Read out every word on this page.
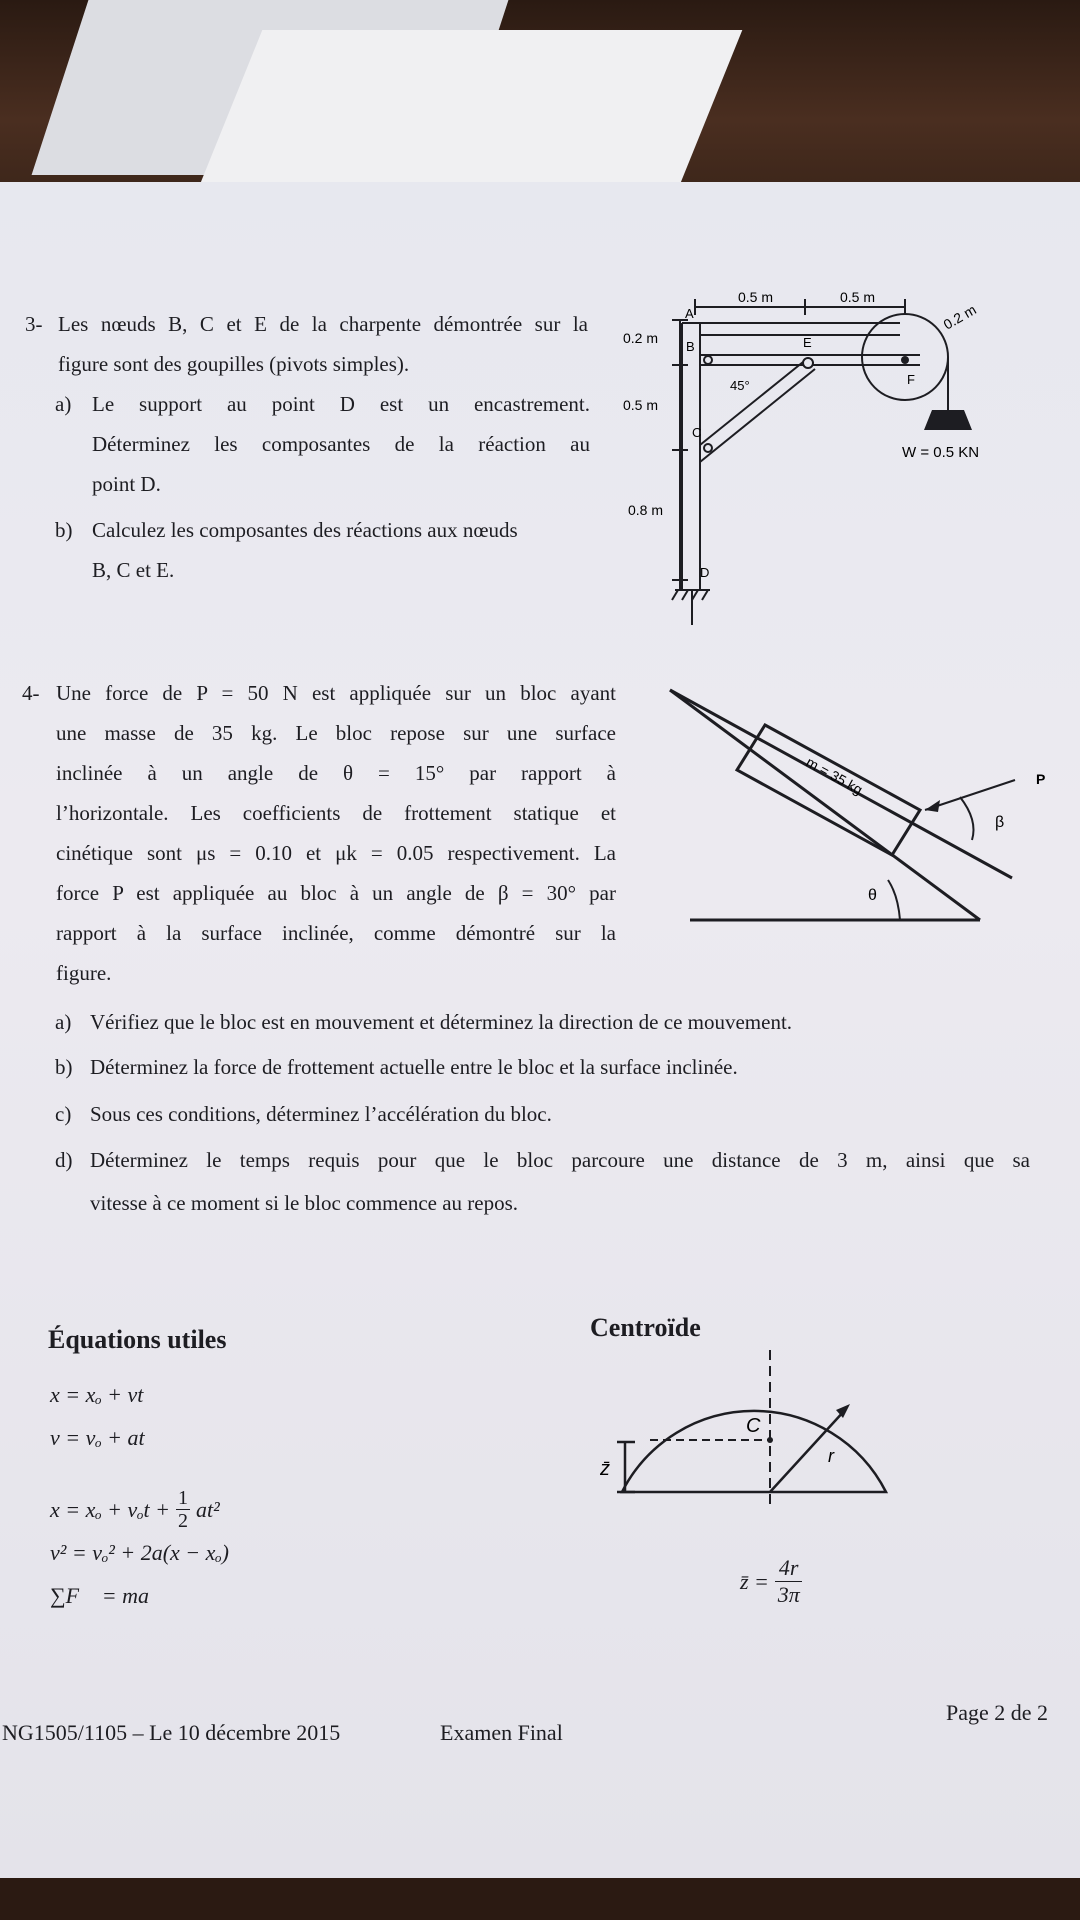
3- Les nœuds B, C et E de la charpente démontrée sur la
figure sont des goupilles (pivots simples).
a) Le support au point D est un encastrement.
Déterminez les composantes de la réaction au
point D.
b) Calculez les composantes des réactions aux nœuds
B, C et E.
0.5 m	0.5 m
0.2 m
0.2 m
0.5 m
0.8 m
A
B
C
D
E
F
45°
W = 0.5 KN
4- Une force de P = 50 N est appliquée sur un bloc ayant
une masse de 35 kg. Le bloc repose sur une surface
inclinée à un angle de θ = 15° par rapport à
l’horizontale. Les coefficients de frottement statique et
cinétique sont μs = 0.10 et μk = 0.05 respectivement. La
force P est appliquée au bloc à un angle de β = 30° par
rapport à la surface inclinée, comme démontré sur la
figure.
a) Vérifiez que le bloc est en mouvement et déterminez la direction de ce mouvement.
b) Déterminez la force de frottement actuelle entre le bloc et la surface inclinée.
c) Sous ces conditions, déterminez l’accélération du bloc.
d) Déterminez le temps requis pour que le bloc parcoure une distance de 3 m, ainsi que sa
vitesse à ce moment si le bloc commence au repos.
m = 35 kg	P
β
θ
Équations utiles
x = xₒ + vt
v = vₒ + at
$x = x_o + v_ot + \frac{1}{2} at^2$
v² = vₒ² + 2a(x − xₒ)
∑F⃗ = ma⃗
Centroïde
C
r
z̄
z̄ = $\frac{4r}{3\pi}$
NG1505/1105 – Le 10 décembre 2015	Examen Final
Page 2 de 2
